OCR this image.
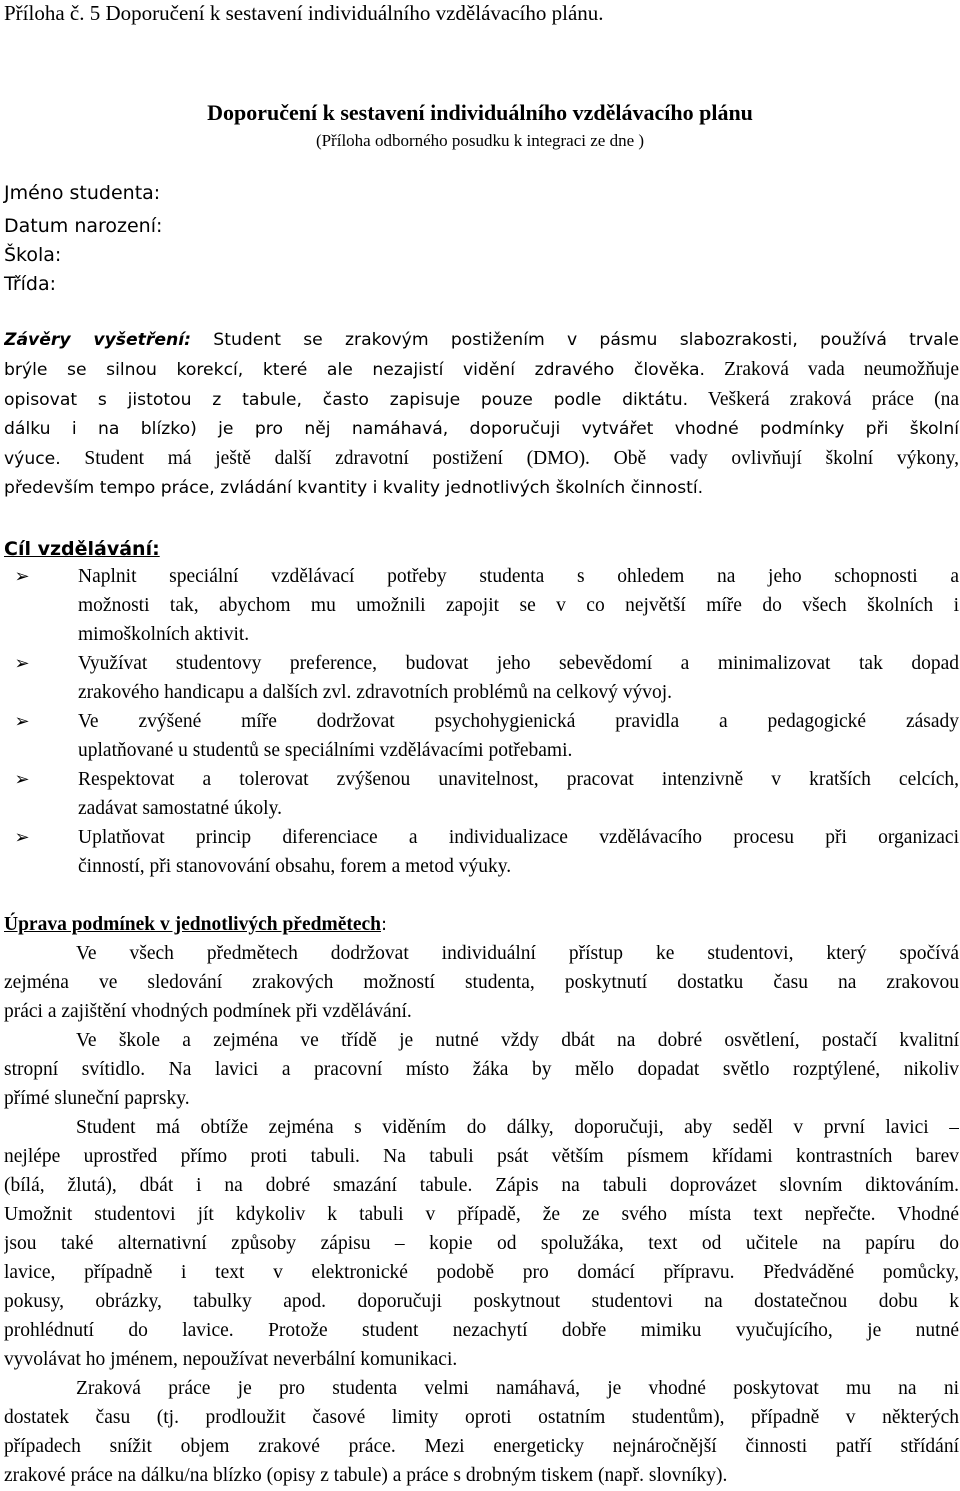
Příloha č. 5 Doporučení k sestavení individuálního vzdělávacího plánu.
Doporučení k sestavení individuálního vzdělávacího plánu
(Příloha odborného posudku k integraci ze dne )
Jméno studenta:
Datum narození:
Škola:
Třída:
Závěry vyšetření: Student se zrakovým postižením v pásmu slabozrakosti, používá trvale
brýle se silnou korekcí, které ale nezajistí vidění zdravého člověka. Zraková vada neumožňuje
opisovat s jistotou z tabule, často zapisuje pouze podle diktátu. Veškerá zraková práce (na
dálku i na blízko) je pro něj namáhavá, doporučuji vytvářet vhodné podmínky při školní
výuce. Student má ještě další zdravotní postižení (DMO). Obě vady ovlivňují školní výkony,
především tempo práce, zvládání kvantity i kvality jednotlivých školních činností.
Cíl vzdělávání:
➢ Naplnit speciální vzdělávací potřeby studenta s ohledem na jeho schopnosti a
možnosti tak, abychom mu umožnili zapojit se v co největší míře do všech školních i
mimoškolních aktivit.
➢ Využívat studentovy preference, budovat jeho sebevědomí a minimalizovat tak dopad
zrakového handicapu a dalších zvl. zdravotních problémů na celkový vývoj.
➢ Ve zvýšené míře dodržovat psychohygienická pravidla a pedagogické zásady
uplatňované u studentů se speciálními vzdělávacími potřebami.
➢ Respektovat a tolerovat zvýšenou unavitelnost, pracovat intenzivně v kratších celcích,
zadávat samostatné úkoly.
➢ Uplatňovat princip diferenciace a individualizace vzdělávacího procesu při organizaci
činností, při stanovování obsahu, forem a metod výuky.
Úprava podmínek v jednotlivých předmětech:
Ve všech předmětech dodržovat individuální přístup ke studentovi, který spočívá
zejména ve sledování zrakových možností studenta, poskytnutí dostatku času na zrakovou
práci a zajištění vhodných podmínek při vzdělávání.
Ve škole a zejména ve třídě je nutné vždy dbát na dobré osvětlení, postačí kvalitní
stropní svítidlo. Na lavici a pracovní místo žáka by mělo dopadat světlo rozptýlené, nikoliv
přímé sluneční paprsky.
Student má obtíže zejména s viděním do dálky, doporučuji, aby seděl v první lavici –
nejlépe uprostřed přímo proti tabuli. Na tabuli psát větším písmem křídami kontrastních barev
(bílá, žlutá), dbát i na dobré smazání tabule. Zápis na tabuli doprovázet slovním diktováním.
Umožnit studentovi jít kdykoliv k tabuli v případě, že ze svého místa text nepřečte. Vhodné
jsou také alternativní způsoby zápisu – kopie od spolužáka, text od učitele na papíru do
lavice, případně i text v elektronické podobě pro domácí přípravu. Předváděné pomůcky,
pokusy, obrázky, tabulky apod. doporučuji poskytnout studentovi na dostatečnou dobu k
prohlédnutí do lavice. Protože student nezachytí dobře mimiku vyučujícího, je nutné
vyvolávat ho jménem, nepoužívat neverbální komunikaci.
Zraková práce je pro studenta velmi namáhavá, je vhodné poskytovat mu na ni
dostatek času (tj. prodloužit časové limity oproti ostatním studentům), případně v některých
případech snížit objem zrakové práce. Mezi energeticky nejnáročnější činnosti patří střídání
zrakové práce na dálku/na blízko (opisy z tabule) a práce s drobným tiskem (např. slovníky).
